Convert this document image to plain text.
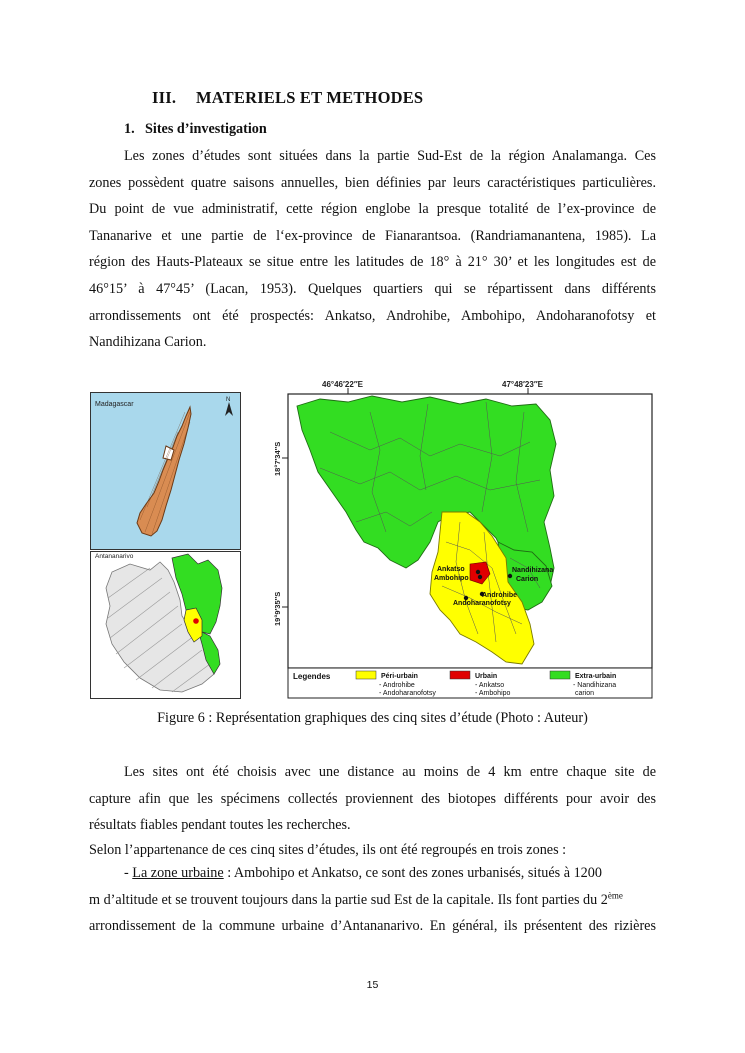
III. MATERIELS ET METHODES
1. Sites d’investigation
Les zones d’études sont situées dans la partie Sud-Est de la région Analamanga. Ces
zones possèdent quatre saisons annuelles, bien définies par leurs caractéristiques particulières.
Du point de vue administratif, cette région englobe la presque totalité de l’ex-province de
Tananarive et une partie de l‘ex-province de Fianarantsoa. (Randriamanantena, 1985). La
région des Hauts-Plateaux se situe entre les latitudes de 18° à 21° 30’ et les longitudes est de
46°15’ à 47°45’ (Lacan, 1953). Quelques quartiers qui se répartissent dans différents
arrondissements ont été prospectés: Ankatso, Androhibe, Ambohipo, Andoharanofotsy et
Nandihizana Carion.
Madagascar
N
Antananarivo
46°46′22″E	47°48′23″E
18°7′34″S
19°9′35″S
Ankatso
Ambohipo
Nandihizana
Carion
Androhibe
Andoharanofotsy
Legendes	Péri-urbain
- Androhibe
- Andoharanofotsy
Urbain
- Ankatso
- Ambohipo
Extra-urbain
- Nandihizana
carion
Figure 6 : Représentation graphiques des cinq sites d’étude (Photo : Auteur)
Les sites ont été choisis avec une distance au moins de 4 km entre chaque site de
capture afin que les spécimens collectés proviennent des biotopes différents pour avoir des
résultats fiables pendant toutes les recherches.
Selon l’appartenance de ces cinq sites d’études, ils ont été regroupés en trois zones :
- La zone urbaine : Ambohipo et Ankatso, ce sont des zones urbanisés, situés à 1200
m d’altitude et se trouvent toujours dans la partie sud Est de la capitale. Ils font parties du 2ème
arrondissement de la commune urbaine d’Antananarivo. En général, ils présentent des rizières
15
